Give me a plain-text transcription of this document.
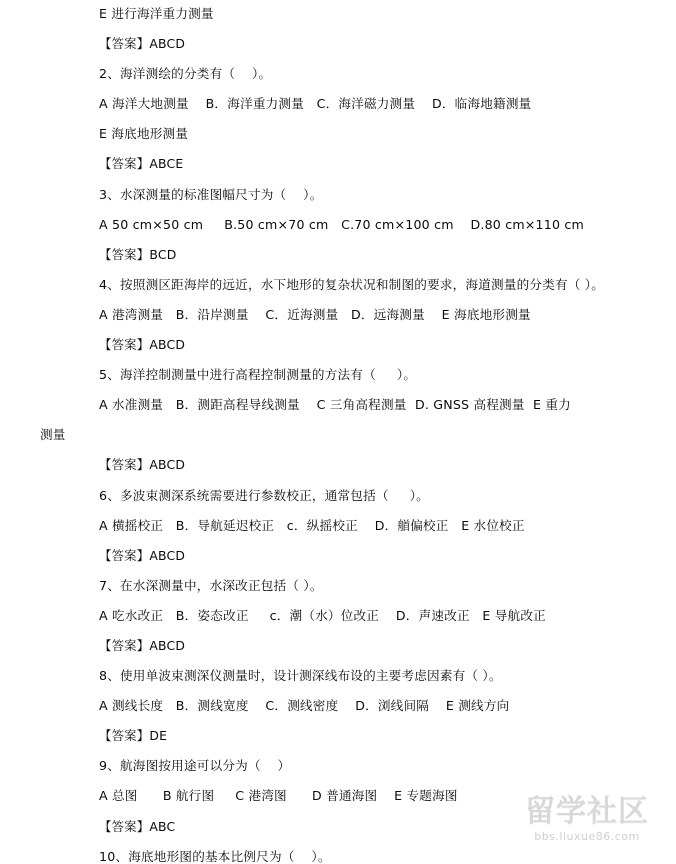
E 进行海洋重力测量

【答案】ABCD

2、海洋测绘的分类有（    ）。

A 海洋大地测量    B．海洋重力测量   C．海洋磁力测量    D．临海地籍测量

E 海底地形测量

【答案】ABCE

3、水深测量的标准图幅尺寸为（    ）。

A 50 cm×50 cm     B.50 cm×70 cm   C.70 cm×100 cm    D.80 cm×110 cm

【答案】BCD

4、按照测区距海岸的远近，水下地形的复杂状况和制图的要求，海道测量的分类有（ ）。

A 港湾测量   B．沿岸测量    C．近海测量   D．远海测量    E 海底地形测量

【答案】ABCD

5、海洋控制测量中进行高程控制测量的方法有（     ）。

A 水准测量   B．测距高程导线测量    C 三角高程测量  D. GNSS 高程测量  E 重力

测量

【答案】ABCD

6、多波束测深系统需要进行参数校正，通常包括（     ）。

A 横摇校正   B．导航延迟校正   c．纵摇校正    D．艏偏校正   E 水位校正

【答案】ABCD

7、在水深测量中，水深改正包括（ ）。

A 吃水改正   B．姿态改正     c．潮（水）位改正    D．声速改正   E 导航改正

【答案】ABCD

8、使用单波束测深仪测量时，设计测深线布设的主要考虑因素有（ ）。

A 测线长度   B．测线宽度    C．测线密度    D．浏线间隔    E 测线方向

【答案】DE

9、航海图按用途可以分为（    ）

A 总图      B 航行图     C 港湾图      D 普通海图    E 专题海图

【答案】ABC

10、海底地形图的基本比例尺为（    ）。

留学社区
bbs.liuxue86.com
